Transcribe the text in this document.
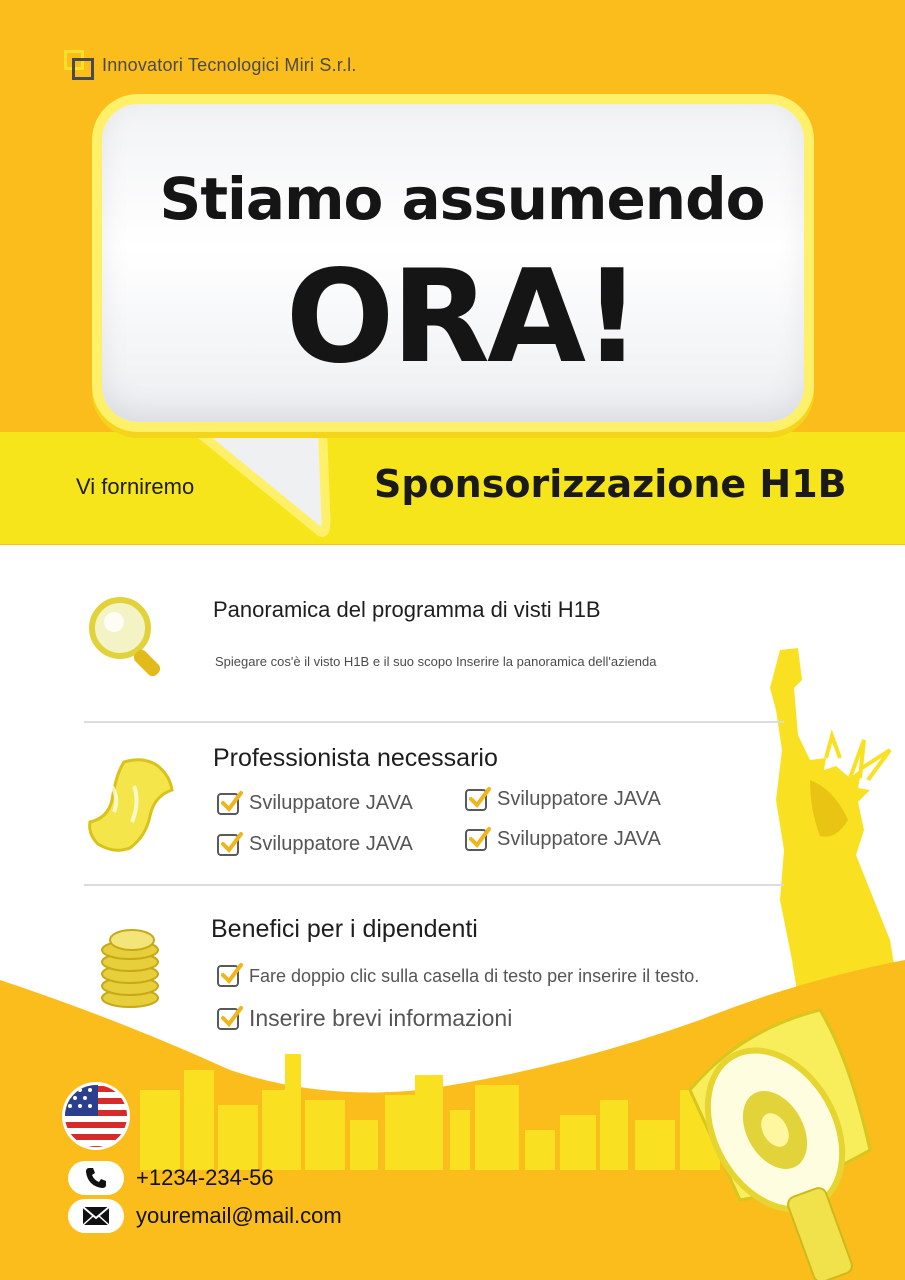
Innovatori Tecnologici Miri S.r.l.
Stiamo assumendo
ORA!
Vi forniremo	Sponsorizzazione H1B
Panoramica del programma di visti H1B
Spiegare cos'è il visto H1B e il suo scopo Inserire la panoramica dell'azienda
Professionista necessario
Sviluppatore JAVA
Sviluppatore JAVA
Sviluppatore JAVA
Sviluppatore JAVA
Benefici per i dipendenti
Fare doppio clic sulla casella di testo per inserire il testo.
Inserire brevi informazioni
+1234-234-56
youremail@mail.com
